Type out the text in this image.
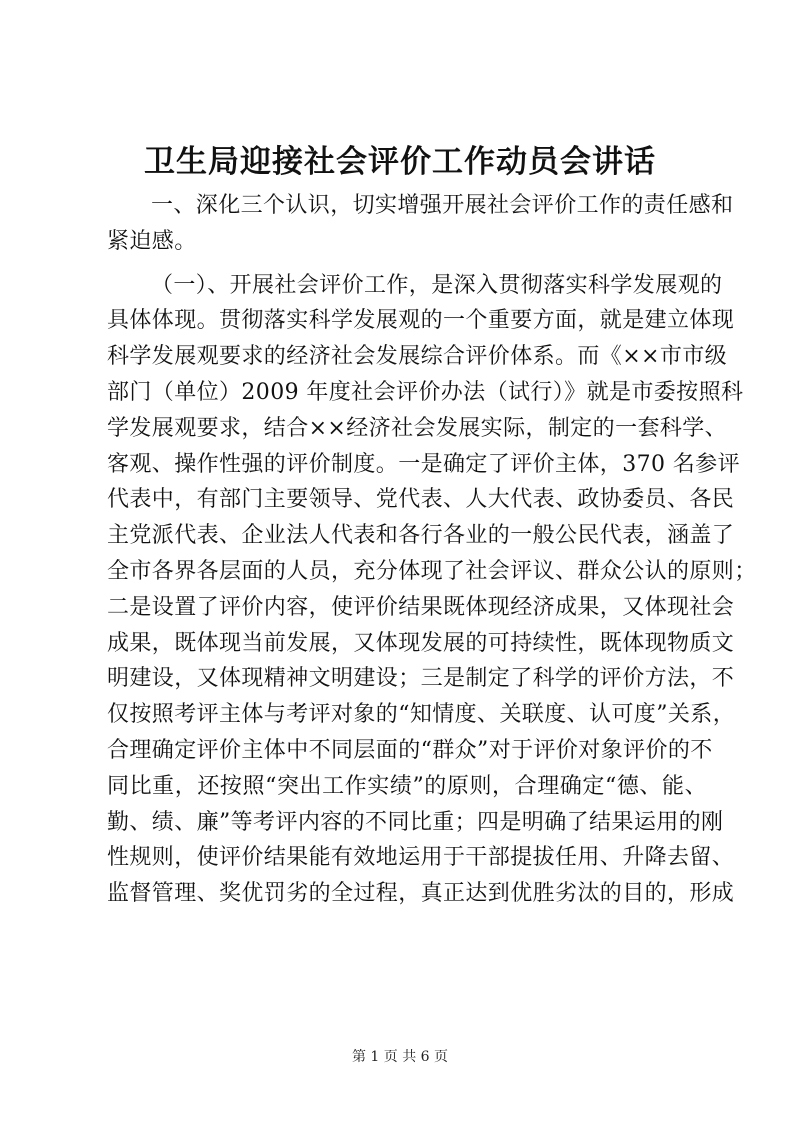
卫生局迎接社会评价工作动员会讲话
一、深化三个认识，切实增强开展社会评价工作的责任感和
紧迫感。
（一）、开展社会评价工作，是深入贯彻落实科学发展观的
具体体现。贯彻落实科学发展观的一个重要方面，就是建立体现
科学发展观要求的经济社会发展综合评价体系。而《××市市级
部门（单位）2009 年度社会评价办法（试行）》就是市委按照科
学发展观要求，结合××经济社会发展实际，制定的一套科学、
客观、操作性强的评价制度。一是确定了评价主体，370 名参评
代表中，有部门主要领导、党代表、人大代表、政协委员、各民
主党派代表、企业法人代表和各行各业的一般公民代表，涵盖了
全市各界各层面的人员，充分体现了社会评议、群众公认的原则；
二是设置了评价内容，使评价结果既体现经济成果，又体现社会
成果，既体现当前发展，又体现发展的可持续性，既体现物质文
明建设，又体现精神文明建设；三是制定了科学的评价方法，不
仅按照考评主体与考评对象的“知情度、关联度、认可度”关系，
合理确定评价主体中不同层面的“群众”对于评价对象评价的不
同比重，还按照“突出工作实绩”的原则，合理确定“德、能、
勤、绩、廉”等考评内容的不同比重；四是明确了结果运用的刚
性规则，使评价结果能有效地运用于干部提拔任用、升降去留、
监督管理、奖优罚劣的全过程，真正达到优胜劣汰的目的，形成
第 1 页 共 6 页
